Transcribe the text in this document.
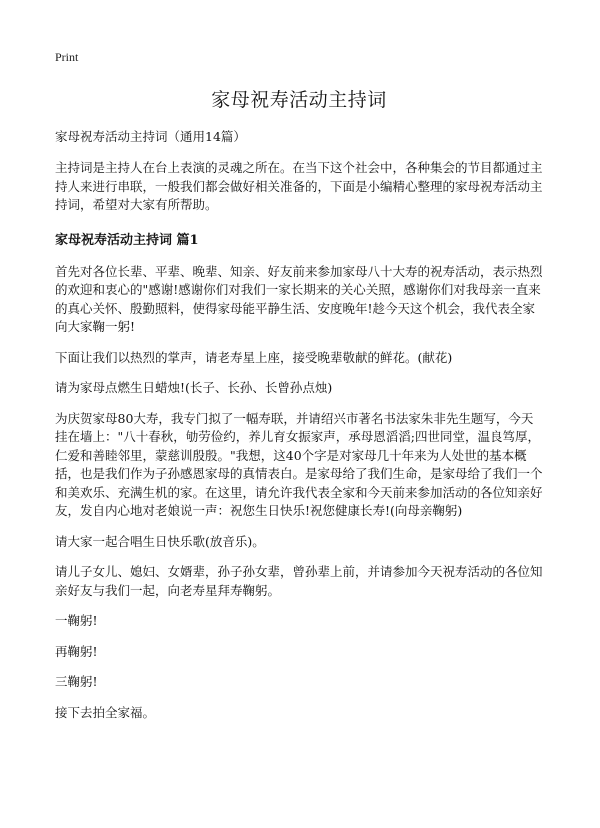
Print
家母祝寿活动主持词

家母祝寿活动主持词（通用14篇）

主持词是主持人在台上表演的灵魂之所在。在当下这个社会中，各种集会的节目都通过主持人来进行串联，一般我们都会做好相关准备的，下面是小编精心整理的家母祝寿活动主持词，希望对大家有所帮助。

家母祝寿活动主持词 篇1

首先对各位长辈、平辈、晚辈、知亲、好友前来参加家母八十大寿的祝寿活动，表示热烈的欢迎和衷心的"感谢!感谢你们对我们一家长期来的关心关照，感谢你们对我母亲一直来的真心关怀、殷勤照料，使得家母能平静生活、安度晚年!趁今天这个机会，我代表全家向大家鞠一躬!

下面让我们以热烈的掌声，请老寿星上座，接受晚辈敬献的鲜花。(献花)

请为家母点燃生日蜡烛!(长子、长孙、长曾孙点烛)

为庆贺家母80大寿，我专门拟了一幅寿联，并请绍兴市著名书法家朱非先生题写，今天挂在墙上："八十春秋，劬劳俭约，养儿育女振家声，承母恩滔滔;四世同堂，温良笃厚，仁爱和善睦邻里，蒙慈训殷殷。"我想，这40个字是对家母几十年来为人处世的基本概括，也是我们作为子孙感恩家母的真情表白。是家母给了我们生命，是家母给了我们一个和美欢乐、充满生机的家。在这里，请允许我代表全家和今天前来参加活动的各位知亲好友，发自内心地对老娘说一声：祝您生日快乐!祝您健康长寿!(向母亲鞠躬)

请大家一起合唱生日快乐歌(放音乐)。

请儿子女儿、媳妇、女婿辈，孙子孙女辈，曾孙辈上前，并请参加今天祝寿活动的各位知亲好友与我们一起，向老寿星拜寿鞠躬。

一鞠躬!

再鞠躬!

三鞠躬!

接下去拍全家福。
